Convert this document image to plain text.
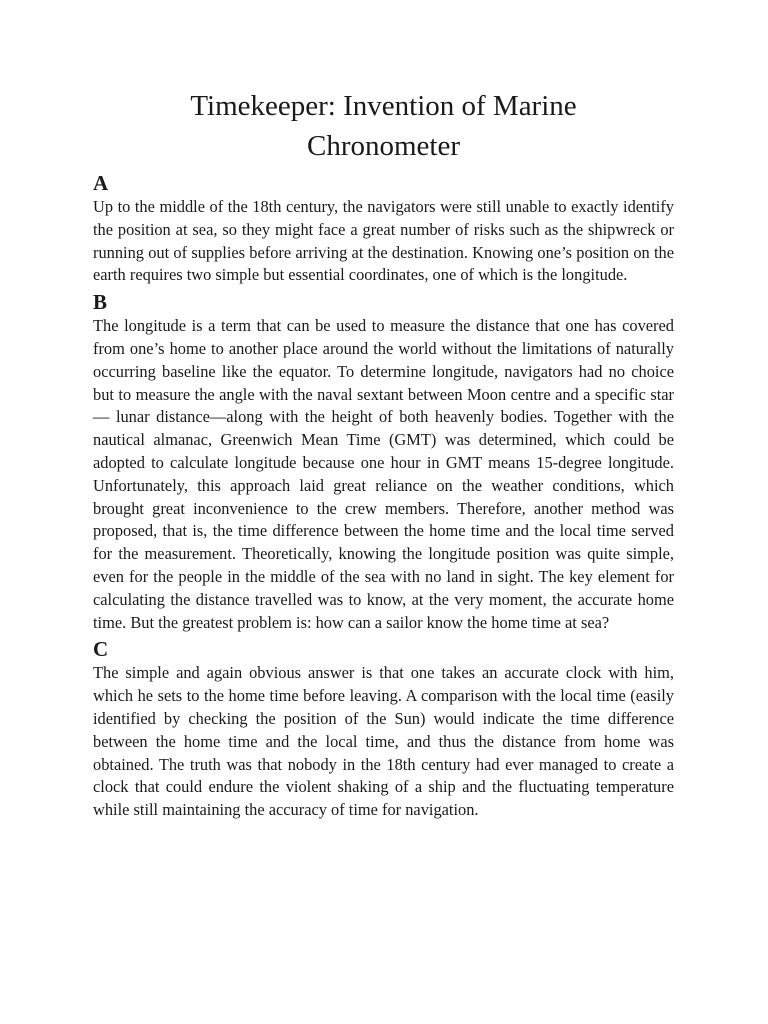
Timekeeper: Invention of Marine
Chronometer

A

Up to the middle of the 18th century, the navigators were still unable to exactly identify the position at sea, so they might face a great number of risks such as the shipwreck or running out of supplies before arriving at the destination. Knowing one’s position on the earth requires two simple but essential coordinates, one of which is the longitude.

B

The longitude is a term that can be used to measure the distance that one has covered from one’s home to another place around the world without the limitations of naturally occurring baseline like the equator. To determine longitude, navigators had no choice but to measure the angle with the naval sextant between Moon centre and a specific star— lunar distance—along with the height of both heavenly bodies. Together with the nautical almanac, Greenwich Mean Time (GMT) was determined, which could be adopted to calculate longitude because one hour in GMT means 15-degree longitude. Unfortunately, this approach laid great reliance on the weather conditions, which brought great inconvenience to the crew members. Therefore, another method was proposed, that is, the time difference between the home time and the local time served for the measurement. Theoretically, knowing the longitude position was quite simple, even for the people in the middle of the sea with no land in sight. The key element for calculating the distance travelled was to know, at the very moment, the accurate home time. But the greatest problem is: how can a sailor know the home time at sea?

C

The simple and again obvious answer is that one takes an accurate clock with him, which he sets to the home time before leaving. A comparison with the local time (easily identified by checking the position of the Sun) would indicate the time difference between the home time and the local time, and thus the distance from home was obtained. The truth was that nobody in the 18th century had ever managed to create a clock that could endure the violent shaking of a ship and the fluctuating temperature while still maintaining the accuracy of time for navigation.
